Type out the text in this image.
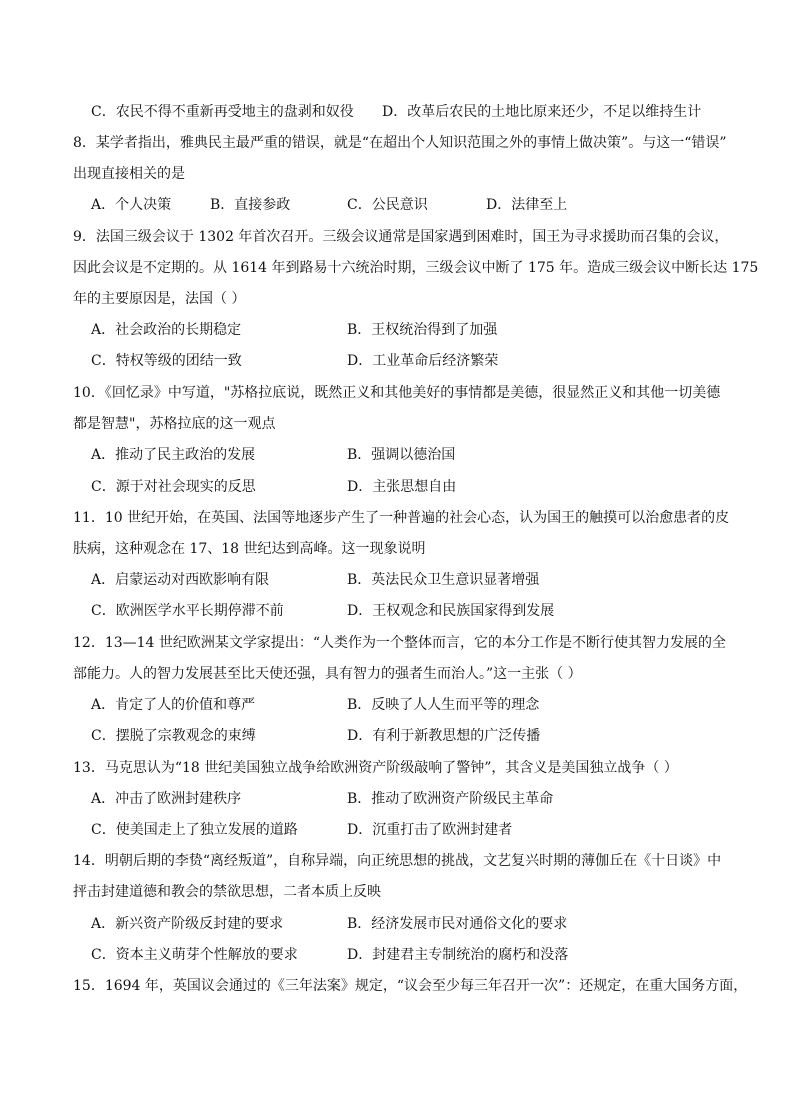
C．农民不得不重新再受地主的盘剥和奴役 D．改革后农民的土地比原来还少，不足以维持生计
8．某学者指出，雅典民主最严重的错误，就是“在超出个人知识范围之外的事情上做决策”。与这一“错误”
出现直接相关的是
A．个人决策	B．直接参政	C．公民意识	D．法律至上
9．法国三级会议于 1302 年首次召开。三级会议通常是国家遇到困难时，国王为寻求援助而召集的会议，
因此会议是不定期的。从 1614 年到路易十六统治时期，三级会议中断了 175 年。造成三级会议中断长达 175
年的主要原因是，法国（ ）
A．社会政治的长期稳定	B．王权统治得到了加强
C．特权等级的团结一致	D．工业革命后经济繁荣
10．《回忆录》中写道，"苏格拉底说，既然正义和其他美好的事情都是美德，很显然正义和其他一切美德
都是智慧"，苏格拉底的这一观点
A．推动了民主政治的发展	B．强调以德治国
C．源于对社会现实的反思	D．主张思想自由
11．10 世纪开始，在英国、法国等地逐步产生了一种普遍的社会心态，认为国王的触摸可以治愈患者的皮
肤病，这种观念在 17、18 世纪达到高峰。这一现象说明
A．启蒙运动对西欧影响有限	B．英法民众卫生意识显著增强
C．欧洲医学水平长期停滞不前	D．王权观念和民族国家得到发展
12．13—14 世纪欧洲某文学家提出：“人类作为一个整体而言，它的本分工作是不断行使其智力发展的全
部能力。人的智力发展甚至比天使还强，具有智力的强者生而治人。”这一主张（ ）
A．肯定了人的价值和尊严	B．反映了人人生而平等的理念
C．摆脱了宗教观念的束缚	D．有利于新教思想的广泛传播
13．马克思认为“18 世纪美国独立战争给欧洲资产阶级敲响了警钟”，其含义是美国独立战争（ ）
A．冲击了欧洲封建秩序	B．推动了欧洲资产阶级民主革命
C．使美国走上了独立发展的道路	D．沉重打击了欧洲封建者
14．明朝后期的李贽“离经叛道”，自称异端，向正统思想的挑战，文艺复兴时期的薄伽丘在《十日谈》中
抨击封建道德和教会的禁欲思想，二者本质上反映
A．新兴资产阶级反封建的要求	B．经济发展市民对通俗文化的要求
C．资本主义萌芽个性解放的要求	D．封建君主专制统治的腐朽和没落
15．1694 年，英国议会通过的《三年法案》规定，“议会至少每三年召开一次”：还规定，在重大国务方面，
